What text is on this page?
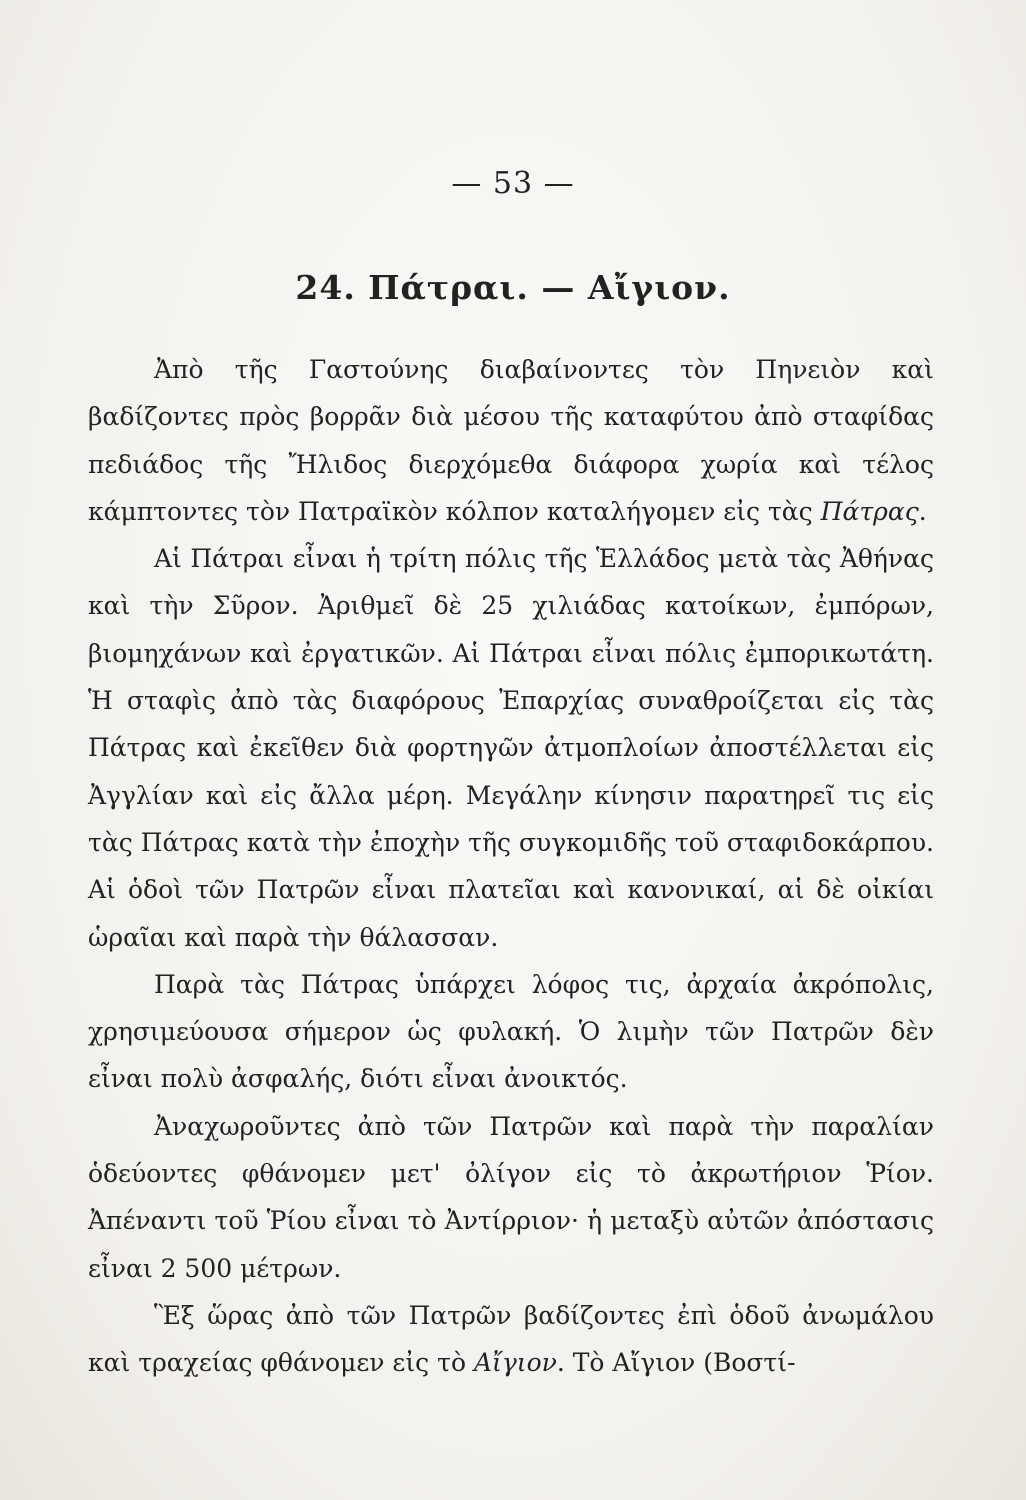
— 53 —
24. Πάτραι. — Αἴγιον.

Ἀπὸ τῆς Γαστούνης διαβαίνοντες τὸν Πηνειὸν καὶ βαδίζοντες πρὸς βορρᾶν διὰ μέσου τῆς καταφύτου ἀπὸ σταφίδας πεδιάδος τῆς Ἤλιδος διερχόμεθα διάφορα χωρία καὶ τέλος κάμπτοντες τὸν Πατραϊκὸν κόλπον καταλήγομεν εἰς τὰς Πάτρας.

Αἱ Πάτραι εἶναι ἡ τρίτη πόλις τῆς Ἑλλάδος μετὰ τὰς Ἀθήνας καὶ τὴν Σῦρον. Ἀριθμεῖ δὲ 25 χιλιάδας κατοίκων, ἐμπόρων, βιομηχάνων καὶ ἐργατικῶν. Αἱ Πάτραι εἶναι πόλις ἐμπορικωτάτη. Ἡ σταφὶς ἀπὸ τὰς διαφόρους Ἐπαρχίας συναθροίζεται εἰς τὰς Πάτρας καὶ ἐκεῖθεν διὰ φορτηγῶν ἀτμοπλοίων ἀποστέλλεται εἰς Ἀγγλίαν καὶ εἰς ἄλλα μέρη. Μεγάλην κίνησιν παρατηρεῖ τις εἰς τὰς Πάτρας κατὰ τὴν ἐποχὴν τῆς συγκομιδῆς τοῦ σταφιδοκάρπου. Αἱ ὁδοὶ τῶν Πατρῶν εἶναι πλατεῖαι καὶ κανονικαί, αἱ δὲ οἰκίαι ὡραῖαι καὶ παρὰ τὴν θάλασσαν.

Παρὰ τὰς Πάτρας ὑπάρχει λόφος τις, ἀρχαία ἀκρόπολις, χρησιμεύουσα σήμερον ὡς φυλακή. Ὁ λιμὴν τῶν Πατρῶν δὲν εἶναι πολὺ ἀσφαλής, διότι εἶναι ἀνοικτός.

Ἀναχωροῦντες ἀπὸ τῶν Πατρῶν καὶ παρὰ τὴν παραλίαν ὁδεύοντες φθάνομεν μετ' ὀλίγον εἰς τὸ ἀκρωτήριον Ῥίον. Ἀπέναντι τοῦ Ῥίου εἶναι τὸ Ἀντίρριον· ἡ μεταξὺ αὐτῶν ἀπόστασις εἶναι 2 500 μέτρων.

Ἓξ ὥρας ἀπὸ τῶν Πατρῶν βαδίζοντες ἐπὶ ὁδοῦ ἀνωμάλου καὶ τραχείας φθάνομεν εἰς τὸ Αἴγιον. Τὸ Αἴγιον (Βοστί-
